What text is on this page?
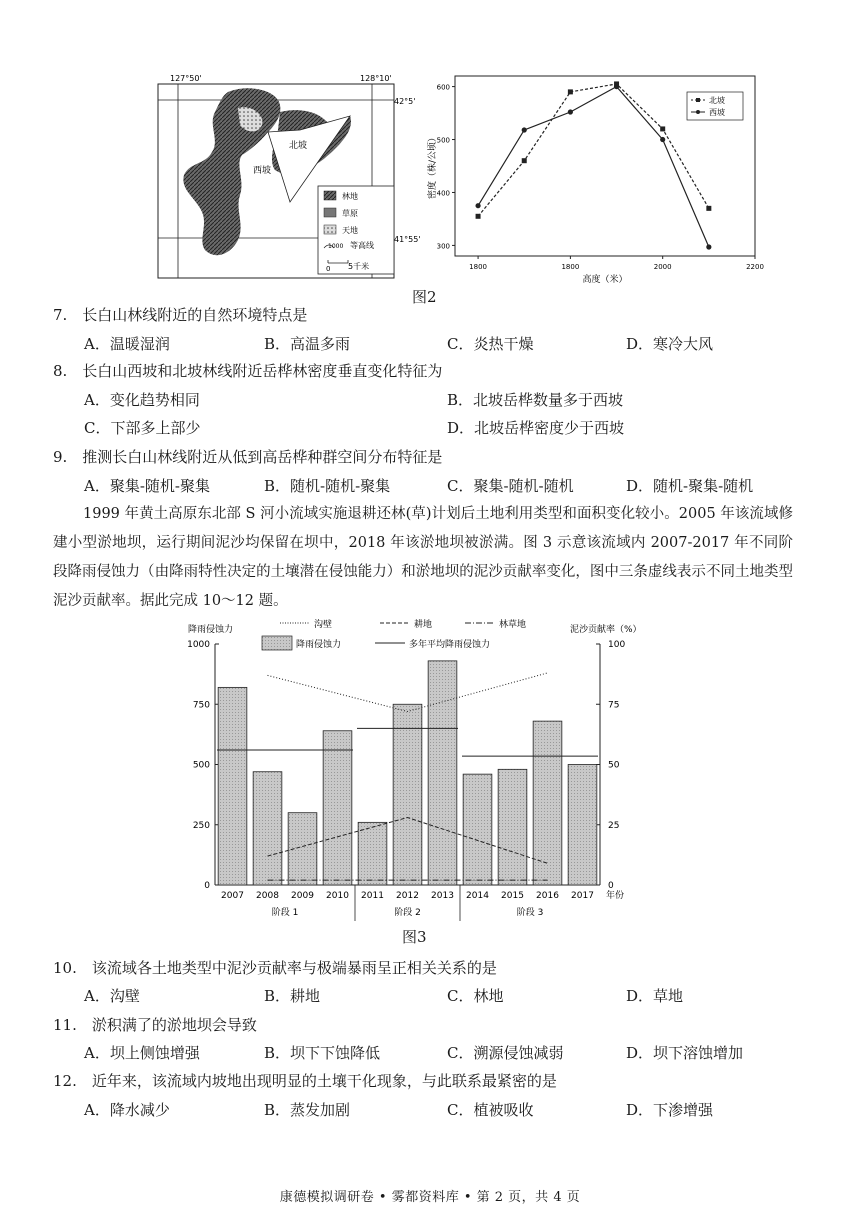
北坡
西坡
林地
草原
天地
1000 等高线
0 5千米
127°50'	128°10'
42°5'
41°55'
1800	1800	2000	2200
300
400
500
600
北坡
西坡
高度（米）
密度（株/公顷）
图2
7.　长白山林线附近的自然环境特点是
A．温暖湿润	B．高温多雨	C．炎热干燥	D．寒冷大风
8.　长白山西坡和北坡林线附近岳桦林密度垂直变化特征为
A．变化趋势相同	B．北坡岳桦数量多于西坡
C．下部多上部少	D．北坡岳桦密度少于西坡
9.　推测长白山林线附近从低到高岳桦种群空间分布特征是
A．聚集-随机-聚集	B．随机-随机-聚集	C．聚集-随机-随机	D．随机-聚集-随机
1999 年黄土高原东北部 S 河小流域实施退耕还林(草)计划后土地利用类型和面积变化较小。2005 年该流域修建小型淤地坝，运行期间泥沙均保留在坝中，2018 年该淤地坝被淤满。图 3 示意该流域内 2007-2017 年不同阶段降雨侵蚀力（由降雨特性决定的土壤潜在侵蚀能力）和淤地坝的泥沙贡献率变化，图中三条虚线表示不同土地类型泥沙贡献率。据此完成 10～12 题。
沟壁	耕地	林草地
降雨侵蚀力	泥沙贡献率（%）
降雨侵蚀力	多年平均降雨侵蚀力
0
250
500
750
1000
0
25
50
75
100
2007 2008 2009 2010 2011 2012 2013 2014 2015 2016 2017 年份
阶段 1	阶段 2	阶段 3
图3
10.　该流域各土地类型中泥沙贡献率与极端暴雨呈正相关关系的是
A．沟壁	B．耕地	C．林地	D．草地
11.　淤积满了的淤地坝会导致
A．坝上侧蚀增强	B．坝下下蚀降低	C．溯源侵蚀减弱	D．坝下溶蚀增加
12.　近年来，该流域内坡地出现明显的土壤干化现象，与此联系最紧密的是
A．降水减少	B．蒸发加剧	C．植被吸收	D．下渗增强
康德模拟调研卷 • 雾都资料库 • 第 2 页，共 4 页
